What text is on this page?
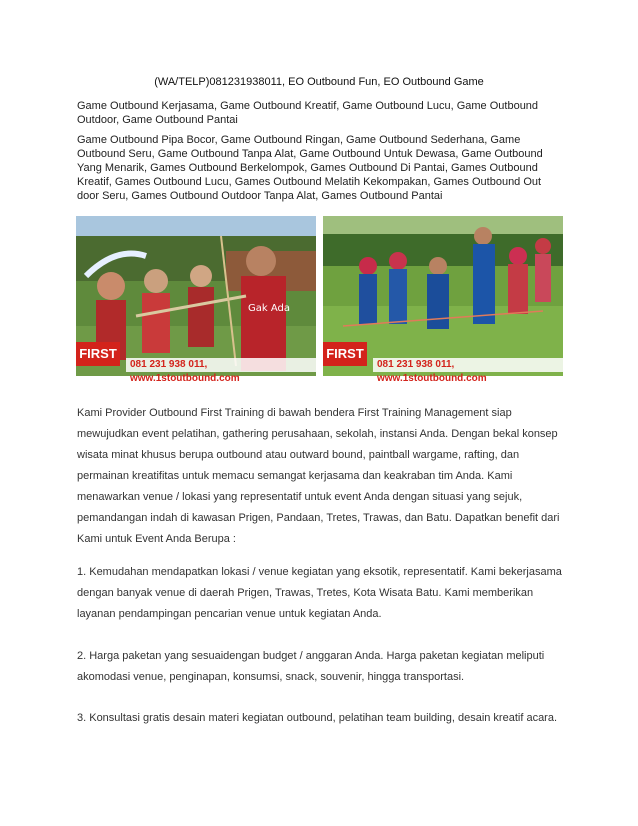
(WA/TELP)081231938011, EO Outbound Fun, EO Outbound Game
Game Outbound Kerjasama, Game Outbound Kreatif, Game Outbound Lucu, Game Outbound Outdoor, Game Outbound Pantai
Game Outbound Pipa Bocor, Game Outbound Ringan, Game Outbound Sederhana, Game Outbound Seru, Game Outbound Tanpa Alat, Game Outbound Untuk Dewasa, Game Outbound Yang Menarik, Games Outbound Berkelompok, Games Outbound Di Pantai, Games Outbound Kreatif, Games Outbound Lucu, Games Outbound Melatih Kekompakan, Games Outbound Out door Seru, Games Outbound Outdoor Tanpa Alat, Games Outbound Pantai
Gak Ada
FIRST
081 231 938 011, www.1stoutbound.com
FIRST
081 231 938 011, www.1stoutbound.com
Kami Provider Outbound First Training di bawah bendera First Training Management siap mewujudkan event pelatihan, gathering perusahaan, sekolah, instansi Anda. Dengan bekal konsep wisata minat khusus berupa outbound atau outward bound, paintball wargame, rafting, dan permainan kreatifitas untuk memacu semangat kerjasama dan keakraban tim Anda. Kami menawarkan venue / lokasi yang representatif untuk event Anda dengan situasi yang sejuk, pemandangan indah di kawasan Prigen, Pandaan, Tretes, Trawas, dan Batu. Dapatkan benefit dari Kami untuk Event Anda Berupa :
1. Kemudahan mendapatkan lokasi / venue kegiatan yang eksotik, representatif. Kami bekerjasama dengan banyak venue di daerah Prigen, Trawas, Tretes, Kota Wisata Batu. Kami memberikan layanan pendampingan pencarian venue untuk kegiatan Anda.
2. Harga paketan yang sesuaidengan budget / anggaran Anda. Harga paketan kegiatan meliputi akomodasi venue, penginapan, konsumsi, snack, souvenir, hingga transportasi.
3. Konsultasi gratis desain materi kegiatan outbound, pelatihan team building, desain kreatif acara.
